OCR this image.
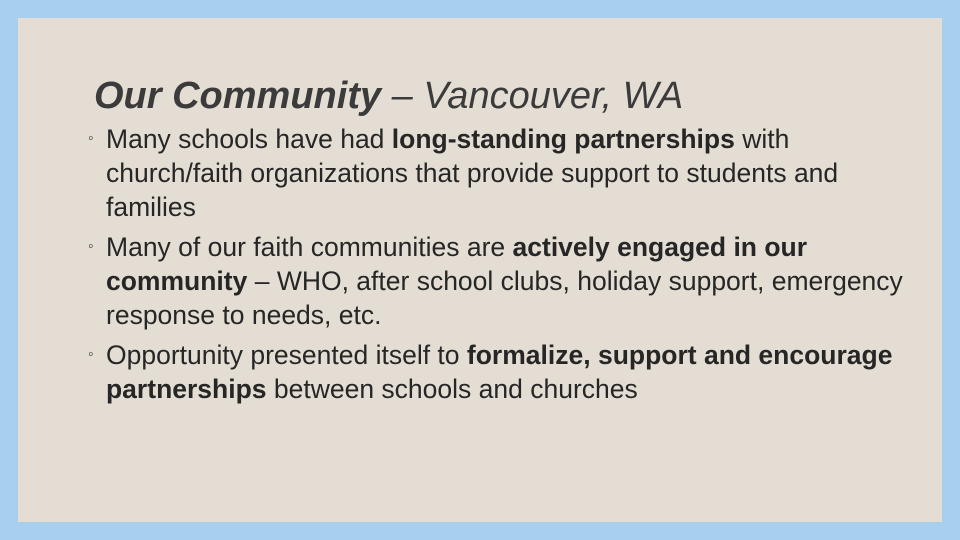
Our Community – Vancouver, WA
◦ Many schools have had long-standing partnerships with church/faith organizations that provide support to students and families
◦ Many of our faith communities are actively engaged in our community – WHO, after school clubs, holiday support, emergency response to needs, etc.
◦ Opportunity presented itself to formalize, support and encourage partnerships between schools and churches
